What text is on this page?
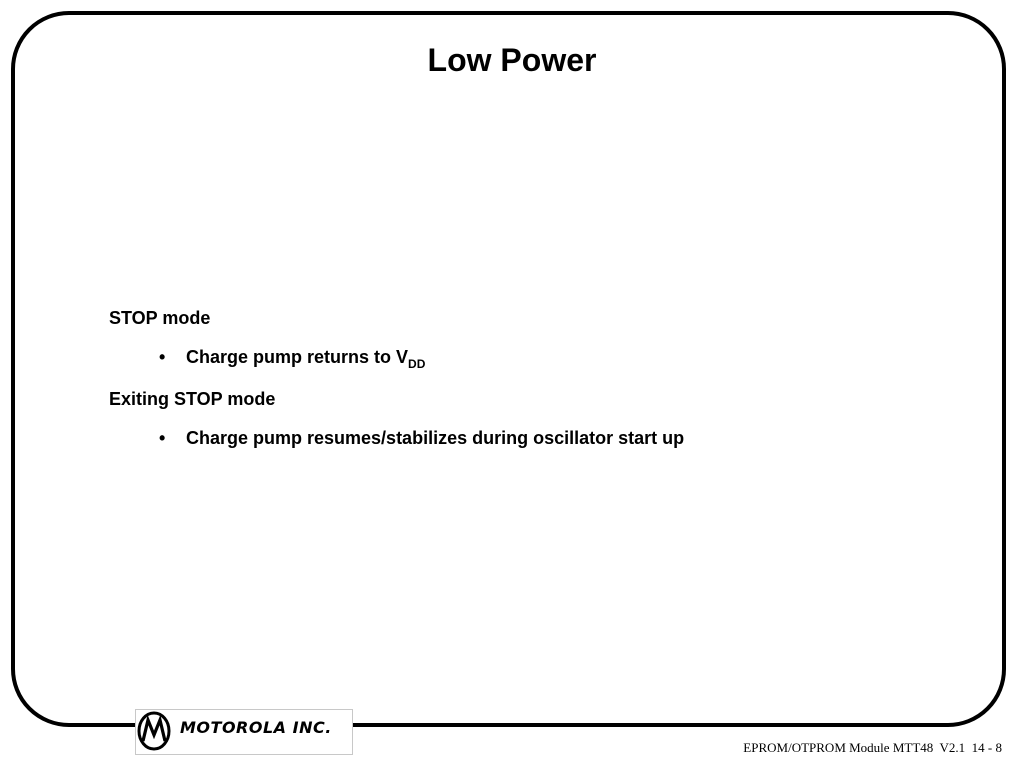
Low Power
STOP mode
• Charge pump returns to $V_{DD}$
Exiting STOP mode
• Charge pump resumes/stabilizes during oscillator start up
MOTOROLA INC.
EPROM/OTPROM Module MTT48  V2.1  14 - 8
